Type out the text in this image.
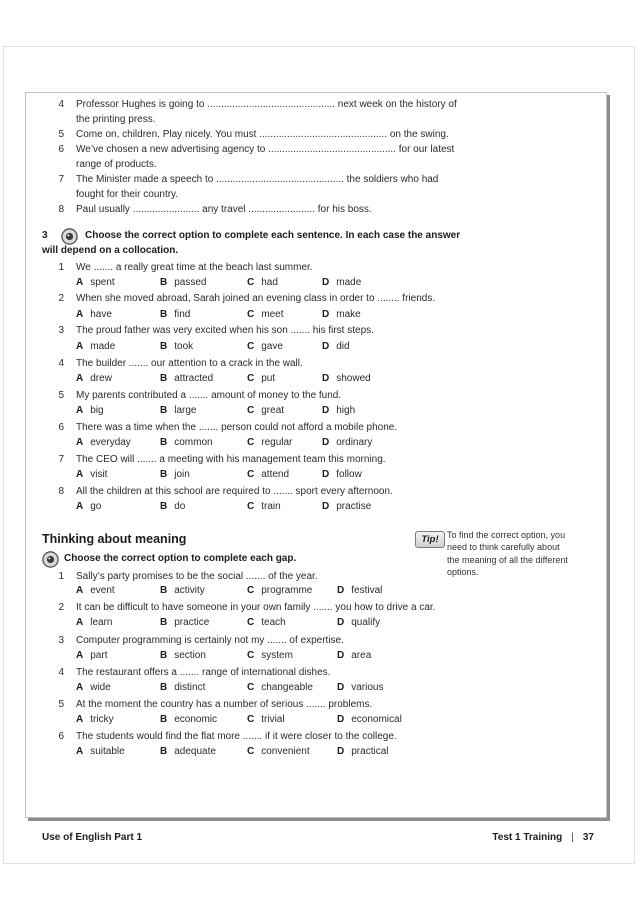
4 Professor Hughes is going to .............................................. next week on the history of
the printing press.
5 Come on, children. Play nicely. You must .............................................. on the swing.
6 We’ve chosen a new advertising agency to .............................................. for our latest
range of products.
7 The Minister made a speech to .............................................. the soldiers who had
fought for their country.
8 Paul usually ........................ any travel ........................ for his boss.
3	Choose the correct option to complete each sentence. In each case the answer
will depend on a collocation.
1 We ....... a really great time at the beach last summer.
A spent	B passed	C had	D made
2 When she moved abroad, Sarah joined an evening class in order to ........ friends.
A have	B find	C meet	D make
3 The proud father was very excited when his son ....... his first steps.
A made	B took	C gave	D did
4 The builder ....... our attention to a crack in the wall.
A drew	B attracted	C put	D showed
5 My parents contributed a ....... amount of money to the fund.
A big	B large	C great	D high
6 There was a time when the ....... person could not afford a mobile phone.
A everyday	B common	C regular	D ordinary
7 The CEO will ....... a meeting with his management team this morning.
A visit	B join	C attend	D follow
8 All the children at this school are required to ....... sport every afternoon.
A go	B do	C train	D practise
Thinking about meaning
Choose the correct option to complete each gap.
Tip! To find the correct option, you
need to think carefully about
the meaning of all the different
options.
1 Sally’s party promises to be the social ....... of the year.
A event	B activity	C programme D festival
2 It can be difficult to have someone in your own family ....... you how to drive a car.
A learn	B practice	C teach	D qualify
3 Computer programming is certainly not my ....... of expertise.
A part	B section	C system	D area
4 The restaurant offers a ....... range of international dishes.
A wide	B distinct	C changeable D various
5 At the moment the country has a number of serious ....... problems.
A tricky	B economic	C trivial	D economical
6 The students would find the flat more ....... if it were closer to the college.
A suitable	B adequate	C convenient	D practical
Use of English Part 1	Test 1 Training | 37
